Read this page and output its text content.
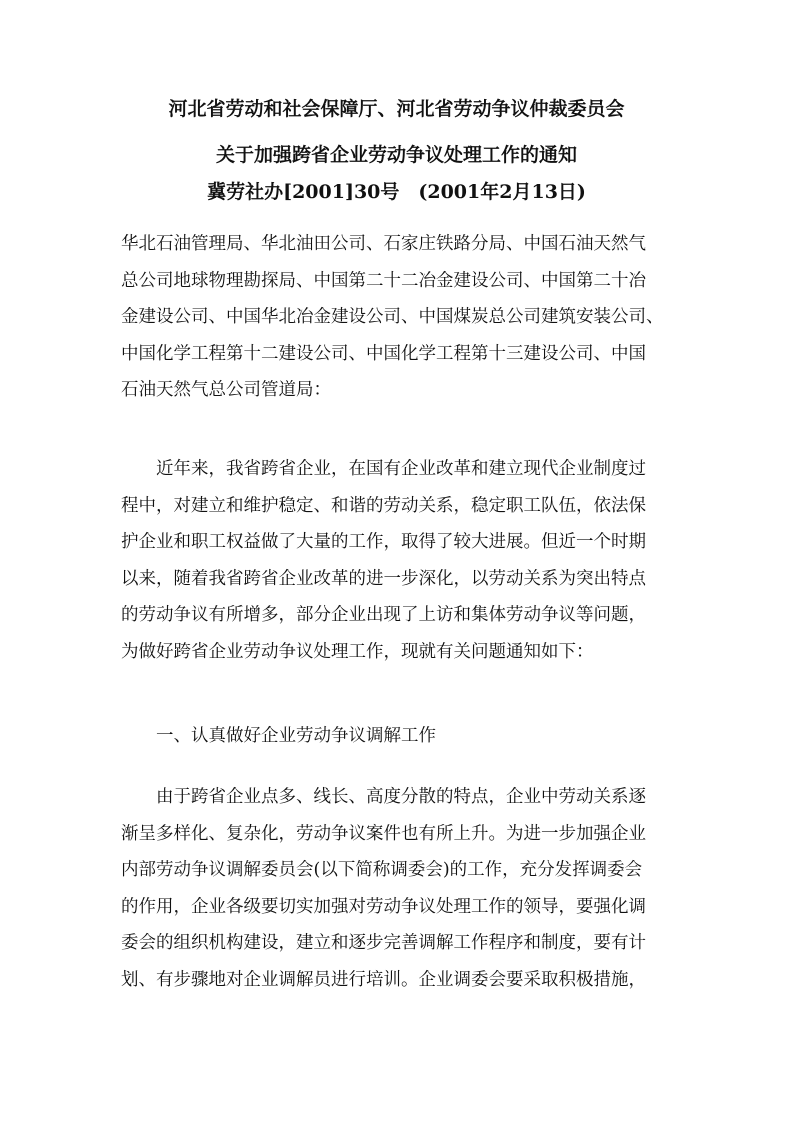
河北省劳动和社会保障厅、河北省劳动争议仲裁委员会
关于加强跨省企业劳动争议处理工作的通知
冀劳社办[2001]30号　(2001年2月13日)
华北石油管理局、华北油田公司、石家庄铁路分局、中国石油天然气
总公司地球物理勘探局、中国第二十二冶金建设公司、中国第二十冶
金建设公司、中国华北冶金建设公司、中国煤炭总公司建筑安装公司、
中国化学工程第十二建设公司、中国化学工程第十三建设公司、中国
石油天然气总公司管道局：
　　近年来，我省跨省企业，在国有企业改革和建立现代企业制度过
程中，对建立和维护稳定、和谐的劳动关系，稳定职工队伍，依法保
护企业和职工权益做了大量的工作，取得了较大进展。但近一个时期
以来，随着我省跨省企业改革的进一步深化，以劳动关系为突出特点
的劳动争议有所增多，部分企业出现了上访和集体劳动争议等问题，
为做好跨省企业劳动争议处理工作，现就有关问题通知如下：
　　一、认真做好企业劳动争议调解工作
　　由于跨省企业点多、线长、高度分散的特点，企业中劳动关系逐
渐呈多样化、复杂化，劳动争议案件也有所上升。为进一步加强企业
内部劳动争议调解委员会(以下简称调委会)的工作，充分发挥调委会
的作用，企业各级要切实加强对劳动争议处理工作的领导，要强化调
委会的组织机构建设，建立和逐步完善调解工作程序和制度，要有计
划、有步骤地对企业调解员进行培训。企业调委会要采取积极措施，
